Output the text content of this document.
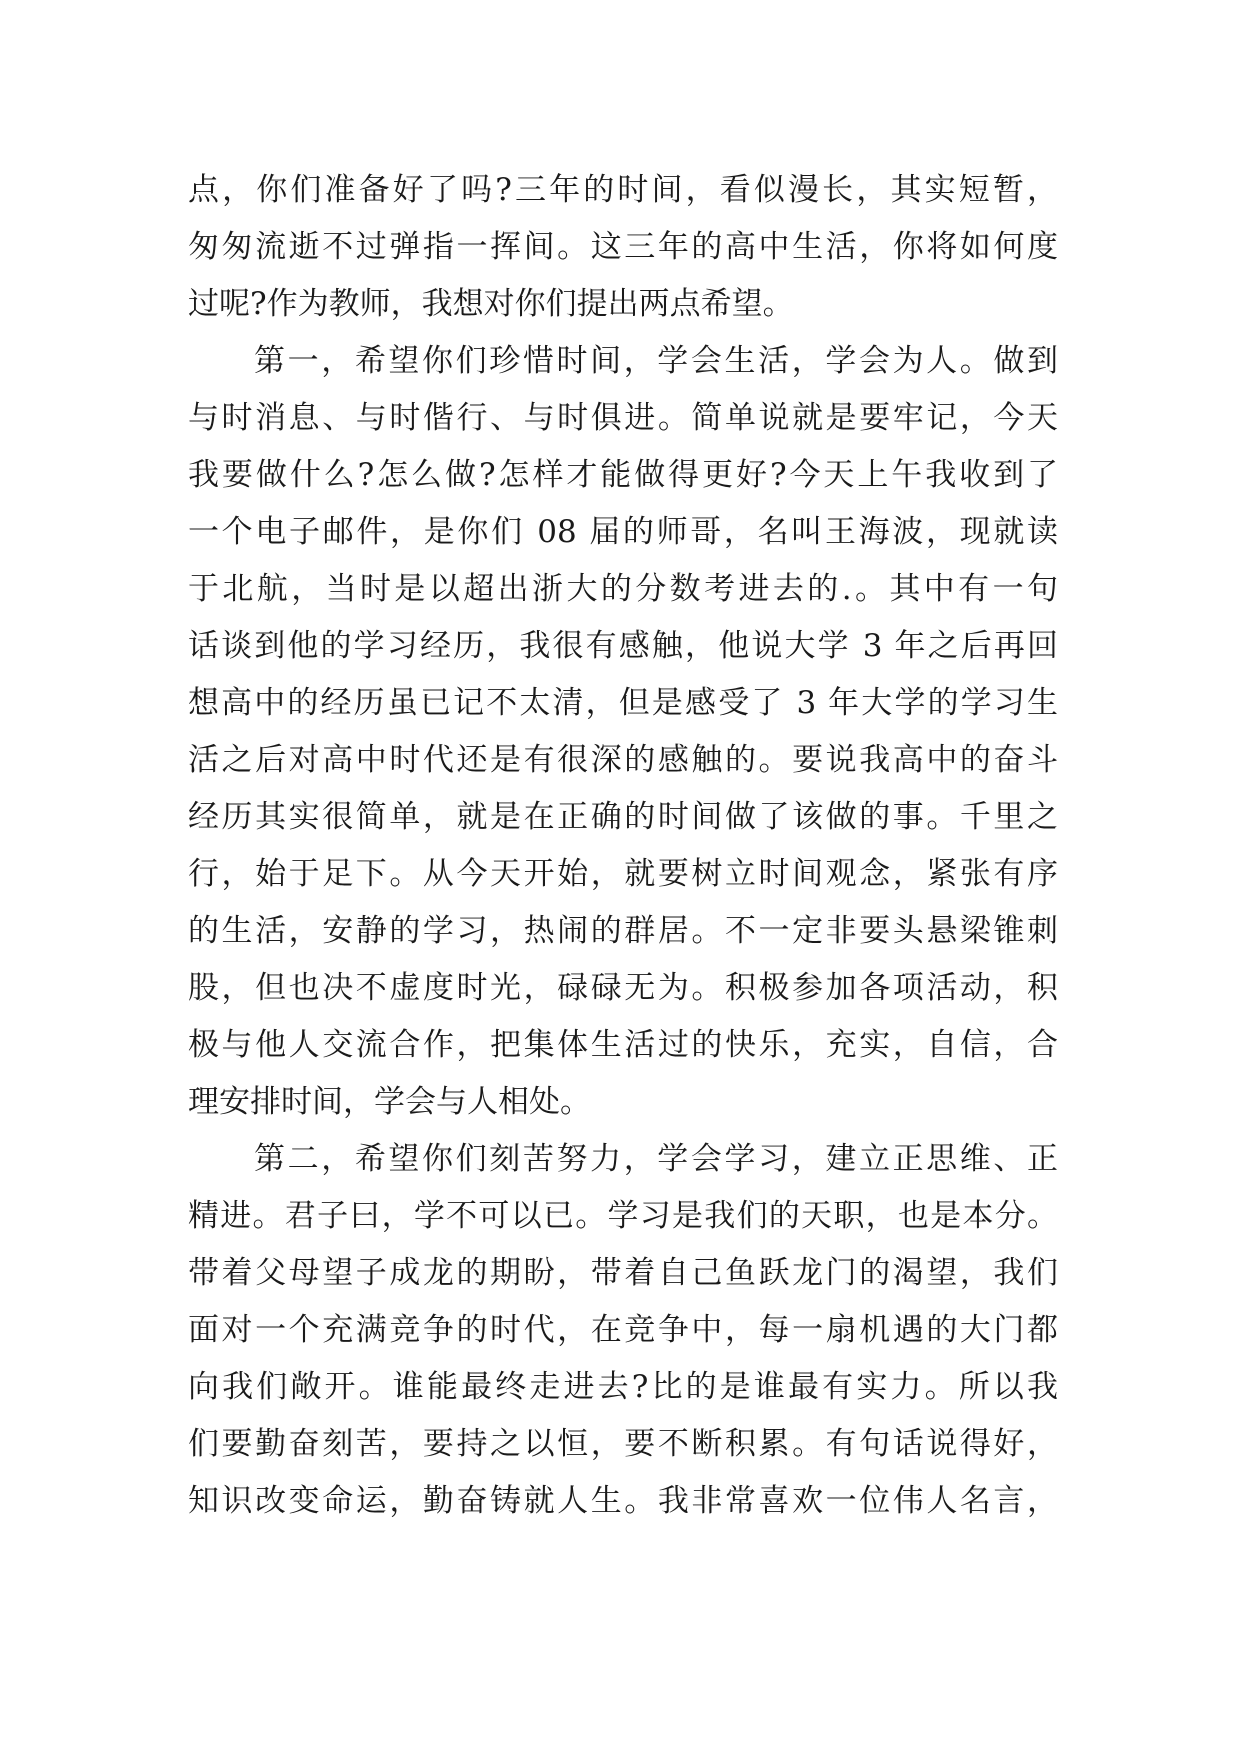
点，你们准备好了吗?三年的时间，看似漫长，其实短暂，
匆匆流逝不过弹指一挥间。这三年的高中生活，你将如何度
过呢?作为教师，我想对你们提出两点希望。
第一，希望你们珍惜时间，学会生活，学会为人。做到
与时消息、与时偕行、与时俱进。简单说就是要牢记，今天
我要做什么?怎么做?怎样才能做得更好?今天上午我收到了
一个电子邮件，是你们 08 届的师哥，名叫王海波，现就读
于北航，当时是以超出浙大的分数考进去的.。其中有一句
话谈到他的学习经历，我很有感触，他说大学 3 年之后再回
想高中的经历虽已记不太清，但是感受了 3 年大学的学习生
活之后对高中时代还是有很深的感触的。要说我高中的奋斗
经历其实很简单，就是在正确的时间做了该做的事。千里之
行，始于足下。从今天开始，就要树立时间观念，紧张有序
的生活，安静的学习，热闹的群居。不一定非要头悬梁锥刺
股，但也决不虚度时光，碌碌无为。积极参加各项活动，积
极与他人交流合作，把集体生活过的快乐，充实，自信，合
理安排时间，学会与人相处。
第二，希望你们刻苦努力，学会学习，建立正思维、正
精进。君子曰，学不可以已。学习是我们的天职，也是本分。
带着父母望子成龙的期盼，带着自己鱼跃龙门的渴望，我们
面对一个充满竞争的时代，在竞争中，每一扇机遇的大门都
向我们敞开。谁能最终走进去?比的是谁最有实力。所以我
们要勤奋刻苦，要持之以恒，要不断积累。有句话说得好，
知识改变命运，勤奋铸就人生。我非常喜欢一位伟人名言，
